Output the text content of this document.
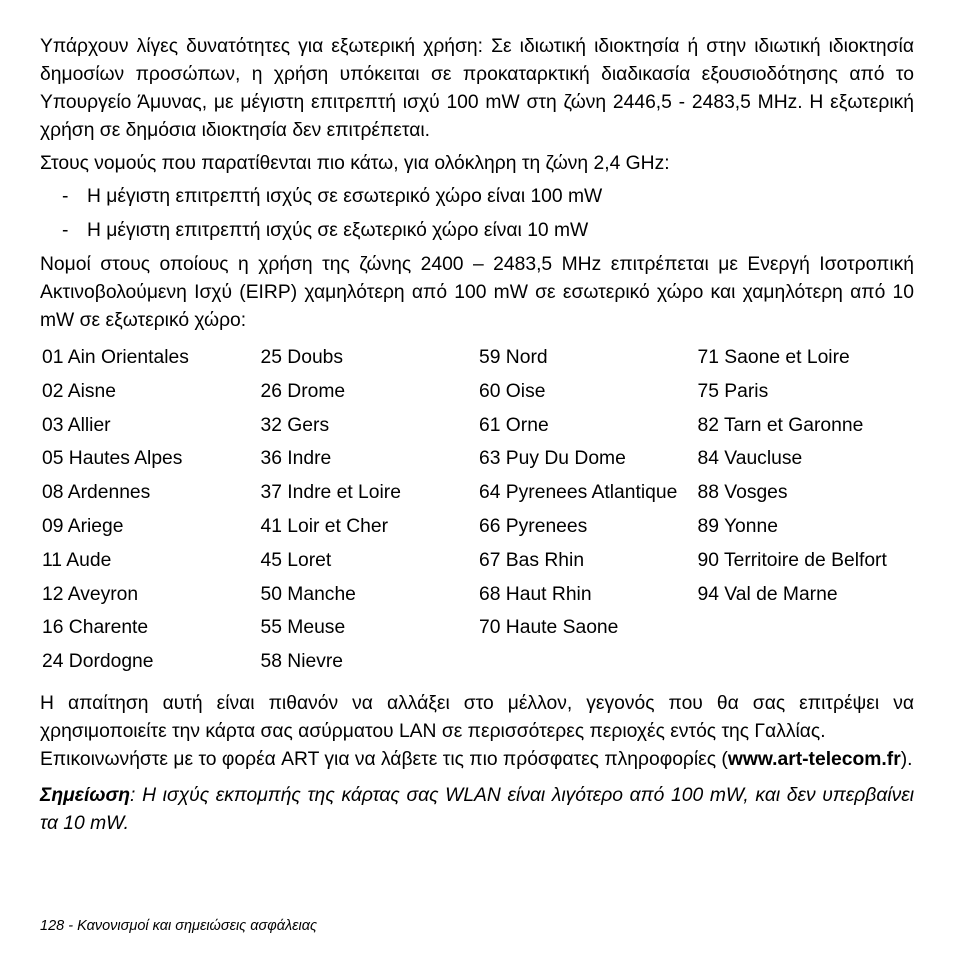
Υπάρχουν λίγες δυνατότητες για εξωτερική χρήση: Σε ιδιωτική ιδιοκτησία ή στην ιδιωτική ιδιοκτησία δημοσίων προσώπων, η χρήση υπόκειται σε προκαταρκτική διαδικασία εξουσιοδότησης από το Υπουργείο Άμυνας, με μέγιστη επιτρεπτή ισχύ 100 mW στη ζώνη 2446,5 - 2483,5 MHz. Η εξωτερική χρήση σε δημόσια ιδιοκτησία δεν επιτρέπεται.

Στους νομούς που παρατίθενται πιο κάτω, για ολόκληρη τη ζώνη 2,4 GHz:

- Η μέγιστη επιτρεπτή ισχύς σε εσωτερικό χώρο είναι 100 mW
- Η μέγιστη επιτρεπτή ισχύς σε εξωτερικό χώρο είναι 10 mW

Νομοί στους οποίους η χρήση της ζώνης 2400 – 2483,5 MHz επιτρέπεται με Ενεργή Ισοτροπική Ακτινοβολούμενη Ισχύ (EIRP) χαμηλότερη από 100 mW σε εσωτερικό χώρο και χαμηλότερη από 10 mW σε εξωτερικό χώρο:

01 Ain Orientales
02 Aisne
03 Allier
05 Hautes Alpes
08 Ardennes
09 Ariege
11 Aude
12 Aveyron
16 Charente
24 Dordogne
25 Doubs
26 Drome
32 Gers
36 Indre
37 Indre et Loire
41 Loir et Cher
45 Loret
50 Manche
55 Meuse
58 Nievre
59 Nord
60 Oise
61 Orne
63 Puy Du Dome
64 Pyrenees Atlantique
66 Pyrenees
67 Bas Rhin
68 Haut Rhin
70 Haute Saone
71 Saone et Loire
75 Paris
82 Tarn et Garonne
84 Vaucluse
88 Vosges
89 Yonne
90 Territoire de Belfort
94 Val de Marne

Η απαίτηση αυτή είναι πιθανόν να αλλάξει στο μέλλον, γεγονός που θα σας επιτρέψει να χρησιμοποιείτε την κάρτα σας ασύρματου LAN σε περισσότερες περιοχές εντός της Γαλλίας.

Επικοινωνήστε με το φορέα ART για να λάβετε τις πιο πρόσφατες πληροφορίες (www.art-telecom.fr).

Σημείωση: Η ισχύς εκπομπής της κάρτας σας WLAN είναι λιγότερο από 100 mW, και δεν υπερβαίνει τα 10 mW.

128 - Κανονισμοί και σημειώσεις ασφάλειας
